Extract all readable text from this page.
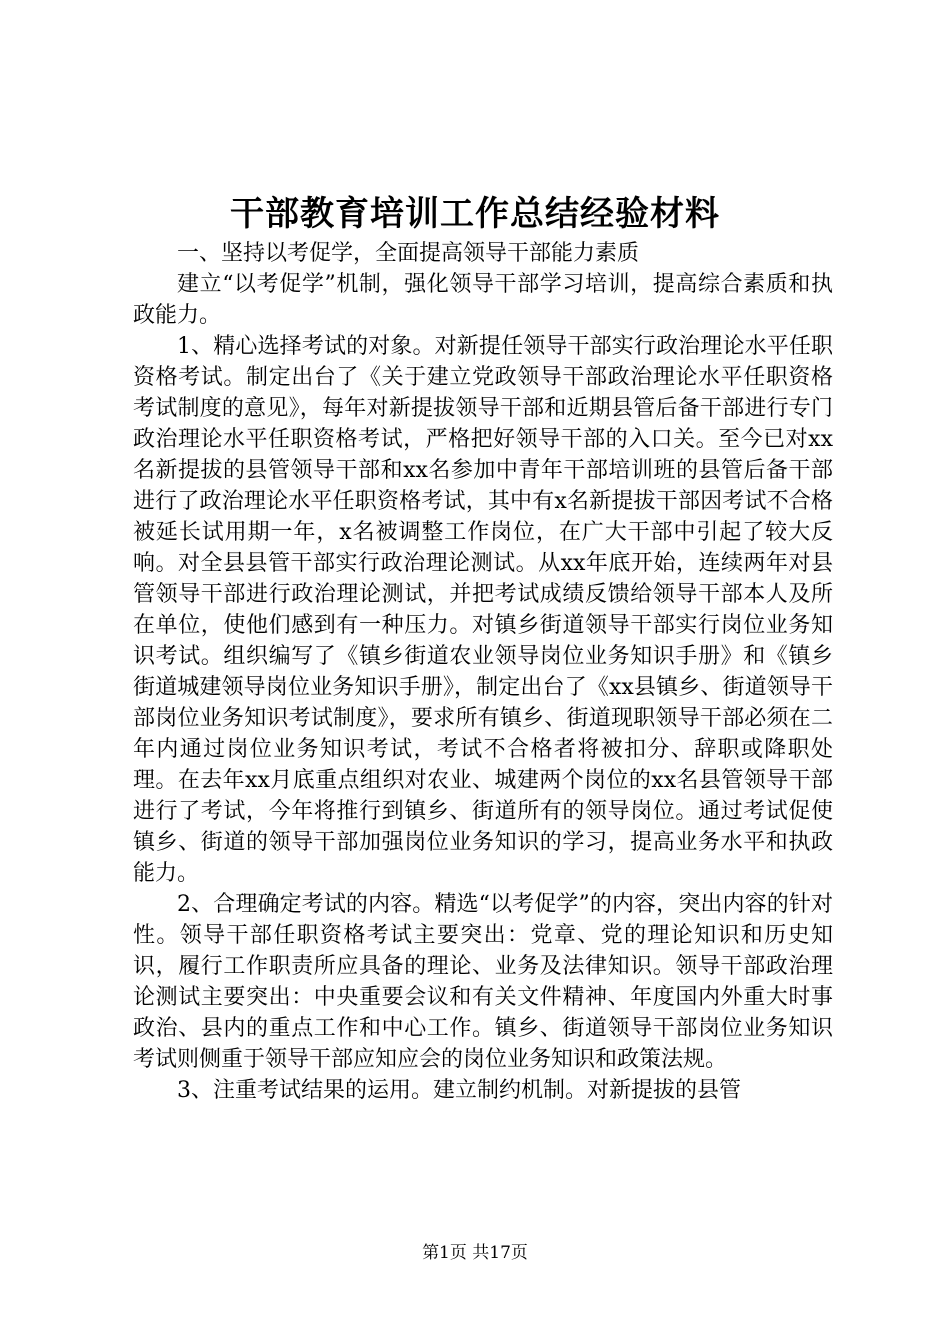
干部教育培训工作总结经验材料

一、坚持以考促学，全面提高领导干部能力素质

建立“以考促学”机制，强化领导干部学习培训，提高综合素质和执政能力。

1、精心选择考试的对象。对新提任领导干部实行政治理论水平任职资格考试。制定出台了《关于建立党政领导干部政治理论水平任职资格考试制度的意见》，每年对新提拔领导干部和近期县管后备干部进行专门政治理论水平任职资格考试，严格把好领导干部的入口关。至今已对xx名新提拔的县管领导干部和xx名参加中青年干部培训班的县管后备干部进行了政治理论水平任职资格考试，其中有x名新提拔干部因考试不合格被延长试用期一年，x名被调整工作岗位，在广大干部中引起了较大反响。对全县县管干部实行政治理论测试。从xx年底开始，连续两年对县管领导干部进行政治理论测试，并把考试成绩反馈给领导干部本人及所在单位，使他们感到有一种压力。对镇乡街道领导干部实行岗位业务知识考试。组织编写了《镇乡街道农业领导岗位业务知识手册》和《镇乡街道城建领导岗位业务知识手册》，制定出台了《xx县镇乡、街道领导干部岗位业务知识考试制度》，要求所有镇乡、街道现职领导干部必须在二年内通过岗位业务知识考试，考试不合格者将被扣分、辞职或降职处理。在去年xx月底重点组织对农业、城建两个岗位的xx名县管领导干部进行了考试，今年将推行到镇乡、街道所有的领导岗位。通过考试促使镇乡、街道的领导干部加强岗位业务知识的学习，提高业务水平和执政能力。

2、合理确定考试的内容。精选“以考促学”的内容，突出内容的针对性。领导干部任职资格考试主要突出：党章、党的理论知识和历史知识，履行工作职责所应具备的理论、业务及法律知识。领导干部政治理论测试主要突出：中央重要会议和有关文件精神、年度国内外重大时事政治、县内的重点工作和中心工作。镇乡、街道领导干部岗位业务知识考试则侧重于领导干部应知应会的岗位业务知识和政策法规。

3、注重考试结果的运用。建立制约机制。对新提拔的县管

第1页 共17页
